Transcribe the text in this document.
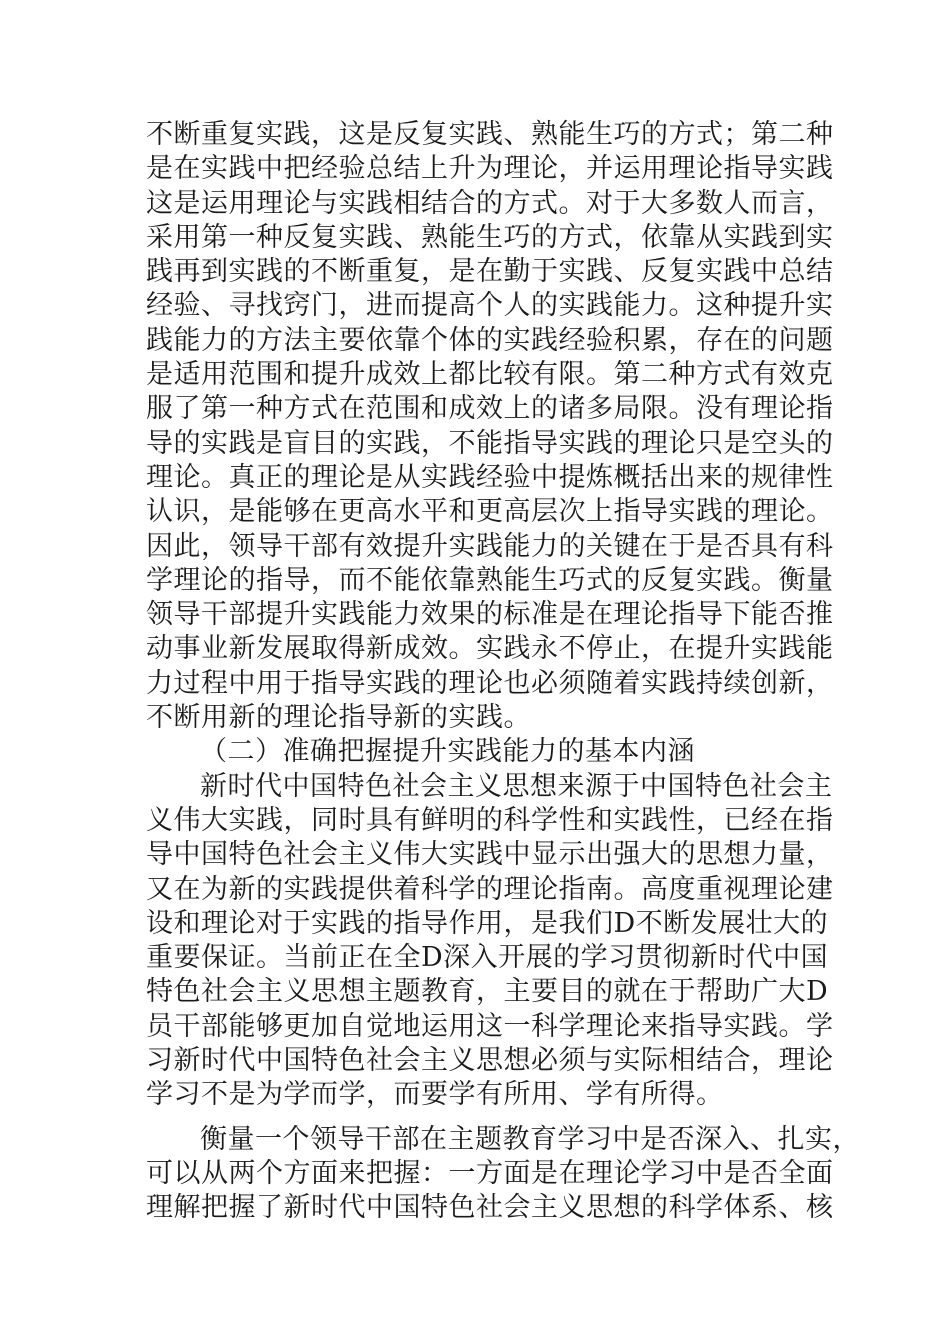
不断重复实践，这是反复实践、熟能生巧的方式；第二种
是在实践中把经验总结上升为理论，并运用理论指导实践
这是运用理论与实践相结合的方式。对于大多数人而言，
采用第一种反复实践、熟能生巧的方式，依靠从实践到实
践再到实践的不断重复，是在勤于实践、反复实践中总结
经验、寻找窍门，进而提高个人的实践能力。这种提升实
践能力的方法主要依靠个体的实践经验积累，存在的问题
是适用范围和提升成效上都比较有限。第二种方式有效克
服了第一种方式在范围和成效上的诸多局限。没有理论指
导的实践是盲目的实践，不能指导实践的理论只是空头的
理论。真正的理论是从实践经验中提炼概括出来的规律性
认识，是能够在更高水平和更高层次上指导实践的理论。
因此，领导干部有效提升实践能力的关键在于是否具有科
学理论的指导，而不能依靠熟能生巧式的反复实践。衡量
领导干部提升实践能力效果的标准是在理论指导下能否推
动事业新发展取得新成效。实践永不停止，在提升实践能
力过程中用于指导实践的理论也必须随着实践持续创新，
不断用新的理论指导新的实践。
（二）准确把握提升实践能力的基本内涵
新时代中国特色社会主义思想来源于中国特色社会主
义伟大实践，同时具有鲜明的科学性和实践性，已经在指
导中国特色社会主义伟大实践中显示出强大的思想力量，
又在为新的实践提供着科学的理论指南。高度重视理论建
设和理论对于实践的指导作用，是我们D不断发展壮大的
重要保证。当前正在全D深入开展的学习贯彻新时代中国
特色社会主义思想主题教育，主要目的就在于帮助广大D
员干部能够更加自觉地运用这一科学理论来指导实践。学
习新时代中国特色社会主义思想必须与实际相结合，理论
学习不是为学而学，而要学有所用、学有所得。
衡量一个领导干部在主题教育学习中是否深入、扎实，
可以从两个方面来把握：一方面是在理论学习中是否全面
理解把握了新时代中国特色社会主义思想的科学体系、核
